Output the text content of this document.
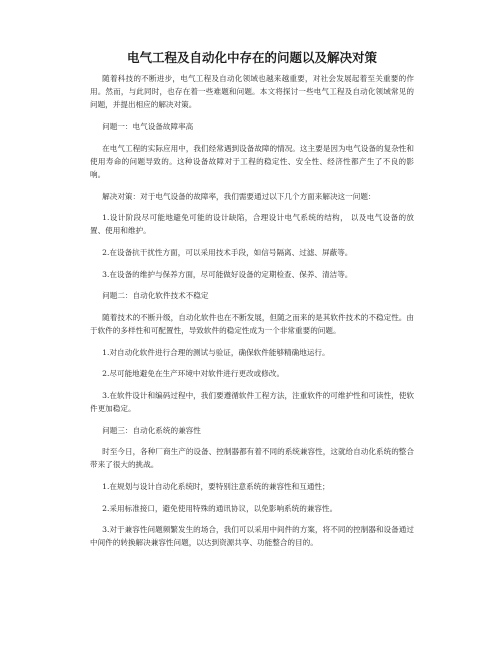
电气工程及自动化中存在的问题以及解决对策

随着科技的不断进步，电气工程及自动化领域也越来越重要，对社会发展起着至关重要的作用。然而，与此同时，也存在着一些难题和问题。本文将探讨一些电气工程及自动化领域常见的问题，并提出相应的解决对策。

问题一：电气设备故障率高

在电气工程的实际应用中，我们经常遇到设备故障的情况。这主要是因为电气设备的复杂性和使用寿命的问题导致的。这种设备故障对于工程的稳定性、安全性、经济性都产生了不良的影响。

解决对策：对于电气设备的故障率，我们需要通过以下几个方面来解决这一问题：

1.设计阶段尽可能地避免可能的设计缺陷，合理设计电气系统的结构， 以及电气设备的放置、使用和维护。

2.在设备抗干扰性方面，可以采用技术手段，如信号隔离、过滤、屏蔽等。

3.在设备的维护与保养方面，尽可能做好设备的定期检查、保养、清洁等。

问题二：自动化软件技术不稳定

随着技术的不断升级，自动化软件也在不断发展，但随之而来的是其软件技术的不稳定性。由于软件的多样性和可配置性，导致软件的稳定性成为一个非常重要的问题。

1.对自动化软件进行合理的测试与验证，确保软件能够精确地运行。

2.尽可能地避免在生产环境中对软件进行更改或修改。

3.在软件设计和编码过程中，我们要遵循软件工程方法，注重软件的可维护性和可读性，使软件更加稳定。

问题三：自动化系统的兼容性

时至今日，各种厂商生产的设备、控制器都有着不同的系统兼容性，这就给自动化系统的整合带来了很大的挑战。

1.在规划与设计自动化系统时，要特别注意系统的兼容性和互通性；

2.采用标准接口，避免使用特殊的通讯协议，以免影响系统的兼容性。

3.对于兼容性问题频繁发生的场合，我们可以采用中间件的方案，将不同的控制器和设备通过中间件的转换解决兼容性问题，以达到资源共享、功能整合的目的。
